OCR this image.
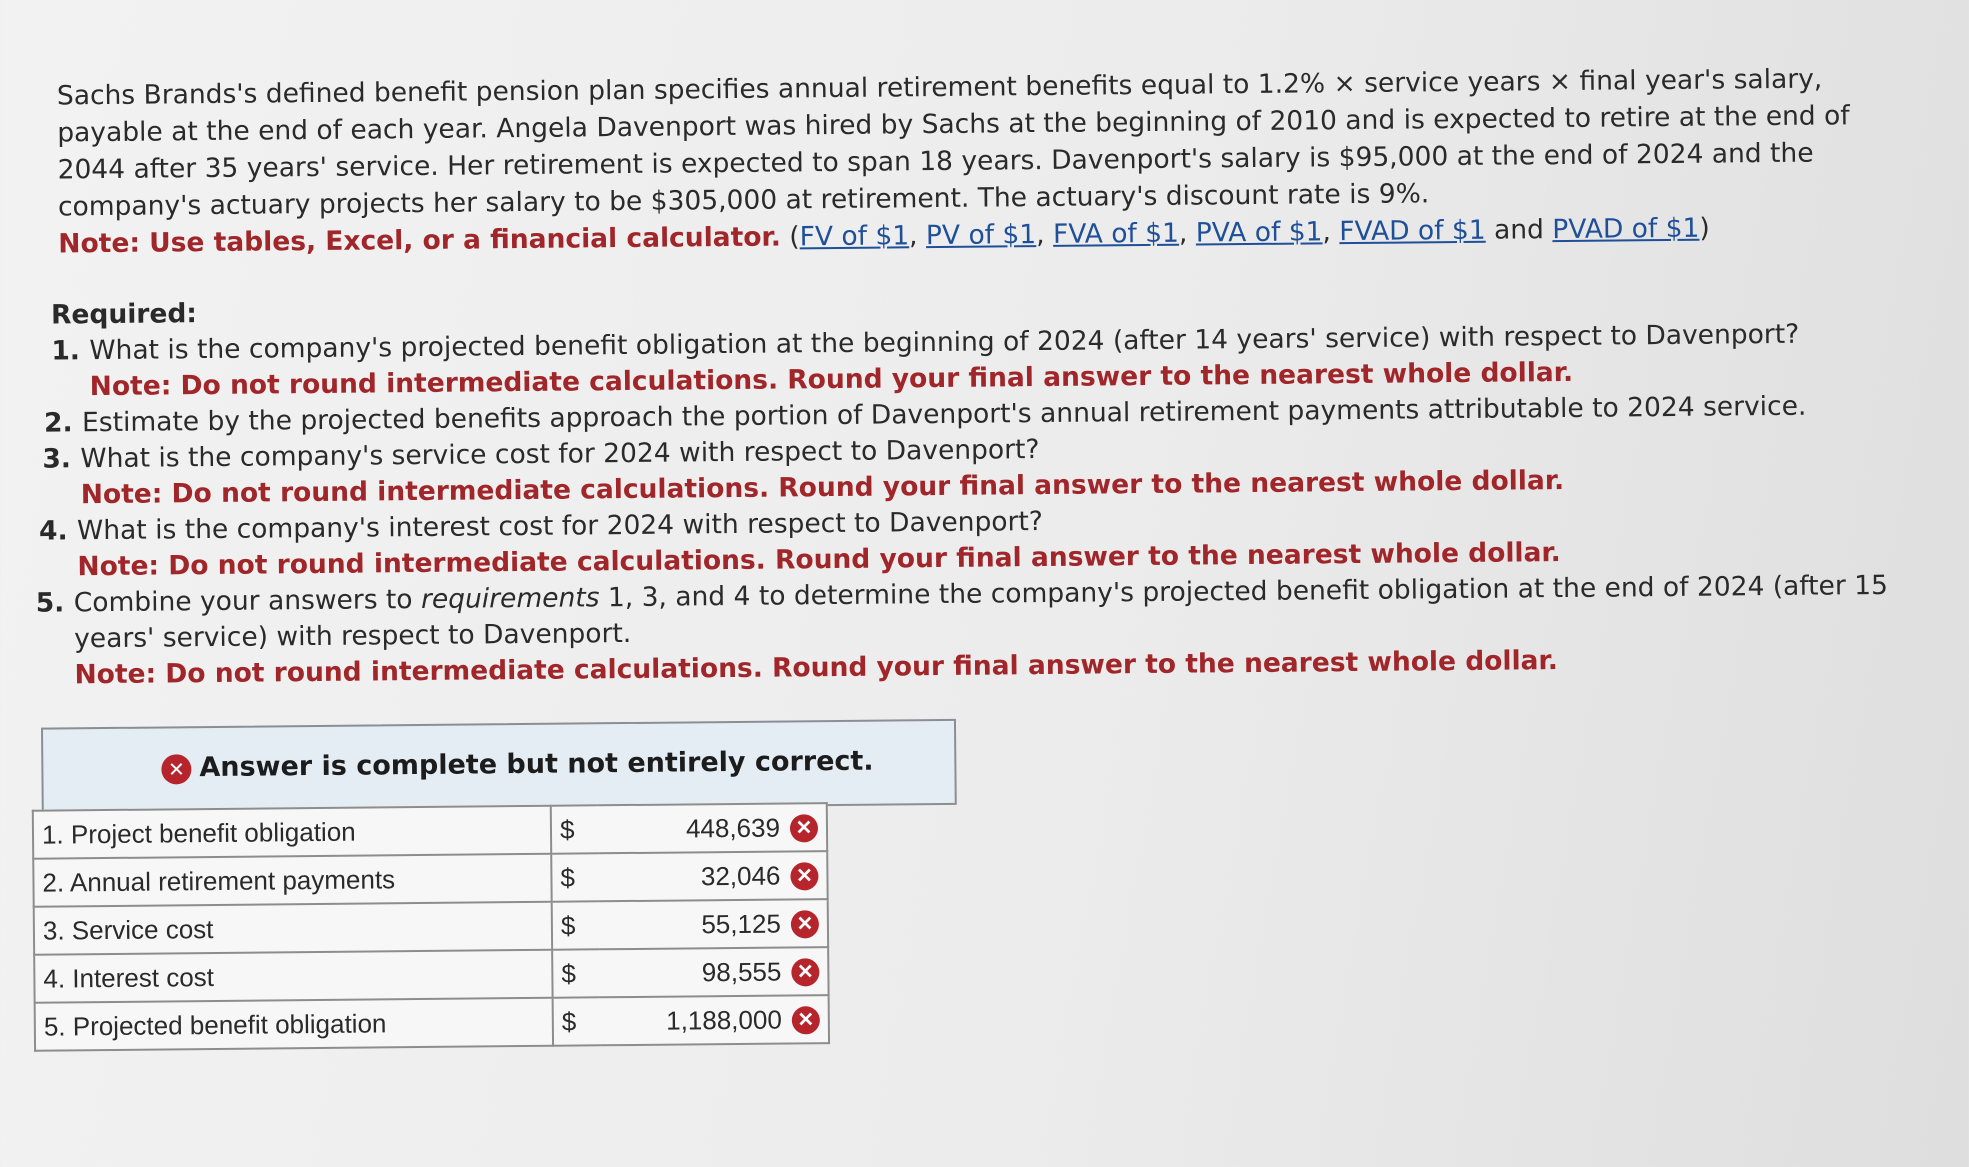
Sachs Brands's defined benefit pension plan specifies annual retirement benefits equal to 1.2% × service years × final year's salary, payable at the end of each year. Angela Davenport was hired by Sachs at the beginning of 2010 and is expected to retire at the end of 2044 after 35 years' service. Her retirement is expected to span 18 years. Davenport's salary is $95,000 at the end of 2024 and the company's actuary projects her salary to be $305,000 at retirement. The actuary's discount rate is 9%.
Note: Use tables, Excel, or a financial calculator. (FV of $1, PV of $1, FVA of $1, PVA of $1, FVAD of $1 and PVAD of $1)
Required:
1. What is the company's projected benefit obligation at the beginning of 2024 (after 14 years' service) with respect to Davenport?
Note: Do not round intermediate calculations. Round your final answer to the nearest whole dollar.
2. Estimate by the projected benefits approach the portion of Davenport's annual retirement payments attributable to 2024 service.
3. What is the company's service cost for 2024 with respect to Davenport?
Note: Do not round intermediate calculations. Round your final answer to the nearest whole dollar.
4. What is the company's interest cost for 2024 with respect to Davenport?
Note: Do not round intermediate calculations. Round your final answer to the nearest whole dollar.
5. Combine your answers to requirements 1, 3, and 4 to determine the company's projected benefit obligation at the end of 2024 (after 15 years' service) with respect to Davenport.
Note: Do not round intermediate calculations. Round your final answer to the nearest whole dollar.
✕ Answer is complete but not entirely correct.
1. Project benefit obligation	$	448,639 ✕
2. Annual retirement payments	$	32,046 ✕
3. Service cost	$	55,125 ✕
4. Interest cost	$	98,555 ✕
5. Projected benefit obligation	$	1,188,000 ✕
